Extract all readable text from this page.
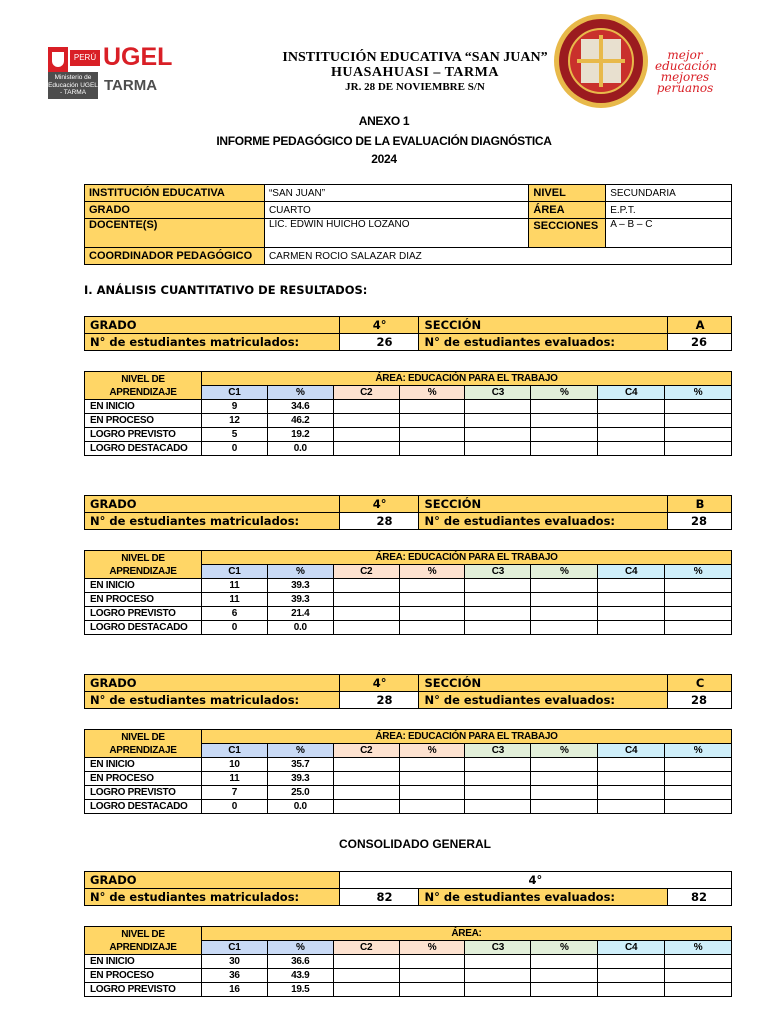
PERÚ UGEL
Ministerio de Educación UGEL - TARMA	TARMA
INSTITUCIÓN EDUCATIVA “SAN JUAN”
HUASAHUASI – TARMA
JR. 28 DE NOVIEMBRE S/N
mejor educación mejores peruanos
ANEXO 1
INFORME PEDAGÓGICO DE LA EVALUACIÓN DIAGNÓSTICA
2024
INSTITUCIÓN EDUCATIVA	“SAN JUAN”	NIVEL	SECUNDARIA
GRADO	CUARTO	ÁREA	E.P.T.
DOCENTE(S)	LIC. EDWIN HUICHO LOZANO	SECCIONES	A – B – C
COORDINADOR PEDAGÓGICO	CARMEN ROCIO SALAZAR DIAZ		
I. ANÁLISIS CUANTITATIVO DE RESULTADOS:
CONSOLIDADO GENERAL
GRADO	4°	SECCIÓN	A
N° de estudiantes matriculados:	26	N° de estudiantes evaluados:	26
NIVEL DE APRENDIZAJE	ÁREA: EDUCACIÓN PARA EL TRABAJO							
	C1	%	C2	%	C3	%	C4	%
EN INICIO	9	34.6						
EN PROCESO	12	46.2						
LOGRO PREVISTO	5	19.2						
LOGRO DESTACADO	0	0.0						
GRADO	4°	SECCIÓN	B
N° de estudiantes matriculados:	28	N° de estudiantes evaluados:	28
NIVEL DE APRENDIZAJE	ÁREA: EDUCACIÓN PARA EL TRABAJO							
	C1	%	C2	%	C3	%	C4	%
EN INICIO	11	39.3						
EN PROCESO	11	39.3						
LOGRO PREVISTO	6	21.4						
LOGRO DESTACADO	0	0.0						
GRADO	4°	SECCIÓN	C
N° de estudiantes matriculados:	28	N° de estudiantes evaluados:	28
NIVEL DE APRENDIZAJE	ÁREA: EDUCACIÓN PARA EL TRABAJO							
	C1	%	C2	%	C3	%	C4	%
EN INICIO	10	35.7						
EN PROCESO	11	39.3						
LOGRO PREVISTO	7	25.0						
LOGRO DESTACADO	0	0.0						
GRADO	4°		
N° de estudiantes matriculados:	82	N° de estudiantes evaluados:	82
NIVEL DE APRENDIZAJE	ÁREA:							
	C1	%	C2	%	C3	%	C4	%
EN INICIO	30	36.6						
EN PROCESO	36	43.9						
LOGRO PREVISTO	16	19.5						
